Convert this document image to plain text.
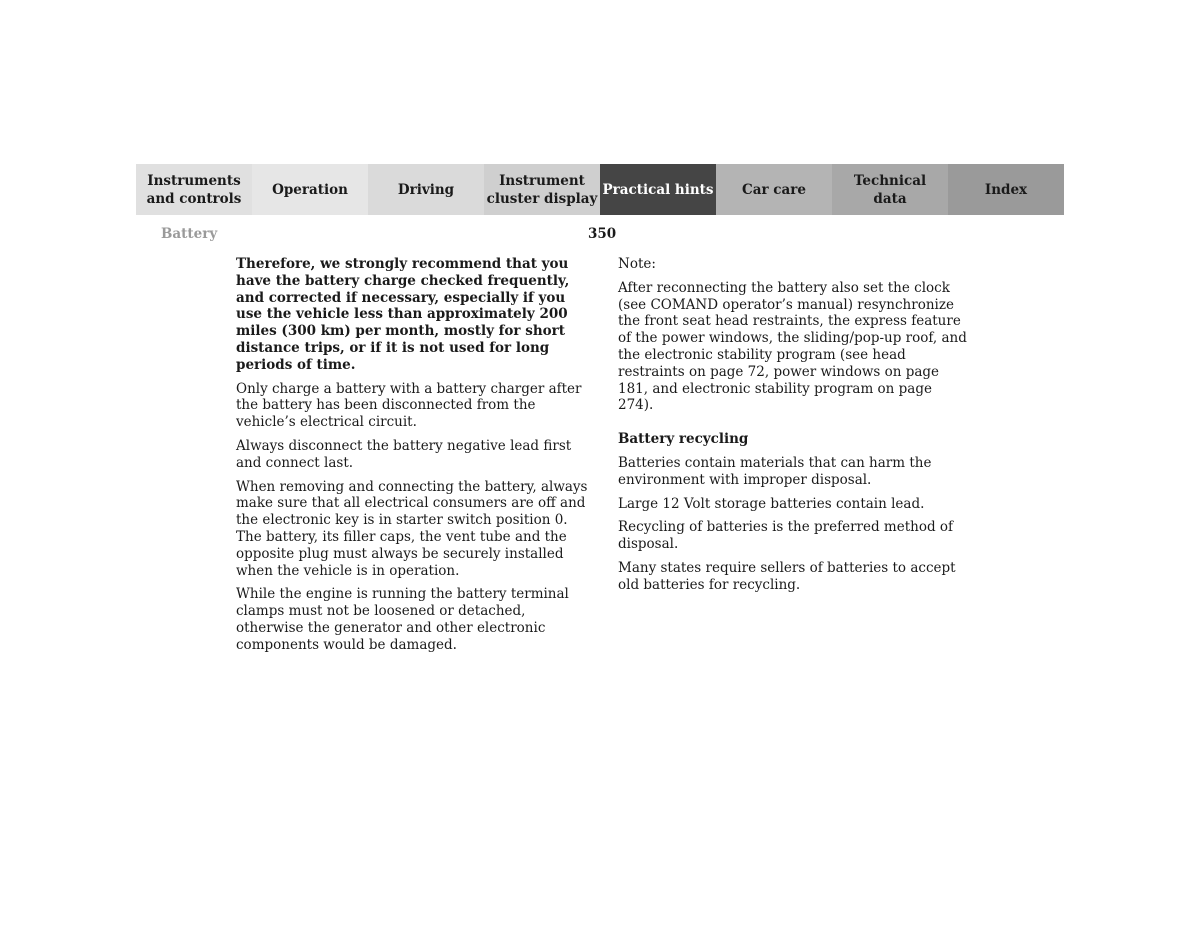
Instruments
and controls
Operation	Driving
Instrument
cluster display
Practical hints	Car care
Technical
data
Index
Battery	350

Therefore, we strongly recommend that you have the battery charge checked frequently, and corrected if necessary, especially if you use the vehicle less than approximately 200 miles (300 km) per month, mostly for short distance trips, or if it is not used for long periods of time.

Only charge a battery with a battery charger after the battery has been disconnected from the vehicle’s electrical circuit.

Always disconnect the battery negative lead first and connect last.

When removing and connecting the battery, always make sure that all electrical consumers are off and the electronic key is in starter switch position 0. The battery, its filler caps, the vent tube and the opposite plug must always be securely installed when the vehicle is in operation.

While the engine is running the battery terminal clamps must not be loosened or detached, otherwise the generator and other electronic components would be damaged.

Note:

After reconnecting the battery also set the clock (see COMAND operator’s manual) resynchronize the front seat head restraints, the express feature of the power windows, the sliding/pop-up roof, and the electronic stability program (see head restraints on page 72, power windows on page 181, and electronic stability program on page 274).

Battery recycling

Batteries contain materials that can harm the environment with improper disposal.

Large 12 Volt storage batteries contain lead.

Recycling of batteries is the preferred method of disposal.

Many states require sellers of batteries to accept old batteries for recycling.
